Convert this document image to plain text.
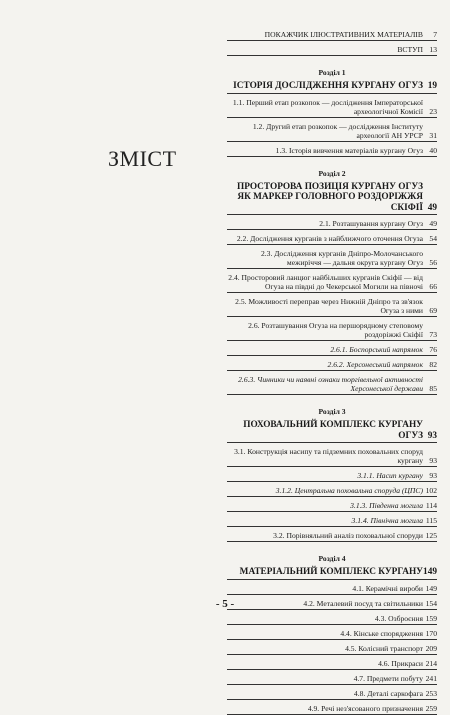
ЗМІСТ
ПОКАЖЧИК ІЛЮСТРАТИВНИХ МАТЕРІАЛІВ	7
ВСТУП 13
Розділ 1
ІСТОРІЯ ДОСЛІДЖЕННЯ КУРГАНУ ОГУЗ 19
1.1. Перший етап розкопок — дослідження Імператорської археологічної Комісії 23
1.2. Другий етап розкопок — дослідження Інституту археології АН УРСР 31
1.3. Історія вивчення матеріалів кургану Огуз 40
Розділ 2
ПРОСТОРОВА ПОЗИЦІЯ КУРГАНУ ОГУЗ ЯК МАРКЕР ГОЛОВНОГО РОЗДОРІЖЖЯ СКІФІЇ 49
2.1. Розташування кургану Огуз 49
2.2. Дослідження курганів з найближчого оточення Огуза 54
2.3. Дослідження курганів Дніпро-Молочанського межиріччя — дальня округа кургану Огуз 56
2.4. Просторовий ланцюг найбільших курганів Скіфії — від Огуза на півдні до Чекерської Могили на півночі 66
2.5. Можливості переправ через Нижній Дніпро та зв'язок Огуза з ними 69
2.6. Розташування Огуза на першорядному степовому роздоріжжі Скіфії 73
2.6.1. Боспорський напрямок 76
2.6.2. Херсонеський напрямок 82
2.6.3. Чинники чи наявні ознаки торгівельної активності Херсонеської держави 85
Розділ 3
ПОХОВАЛЬНИЙ КОМПЛЕКС КУРГАНУ ОГУЗ 93
3.1. Конструкція насипу та підземних поховальних споруд кургану 93
3.1.1. Насип кургану 93
3.1.2. Центральна поховальна споруда (ЦПС) 102
3.1.3. Південна могила 114
3.1.4. Північна могила 115
3.2. Порівняльний аналіз поховальної споруди 125
Розділ 4
МАТЕРІАЛЬНИЙ КОМПЛЕКС КУРГАНУ 149
4.1. Керамічні вироби 149
4.2. Металевий посуд та світильники 154
4.3. Озброєння 159
4.4. Кінське спорядження 170
4.5. Колісний транспорт 209
4.6. Прикраси 214
4.7. Предмети побуту 241
4.8. Деталі саркофага 253
4.9. Речі нез'ясованого призначення 259
- 5 -
